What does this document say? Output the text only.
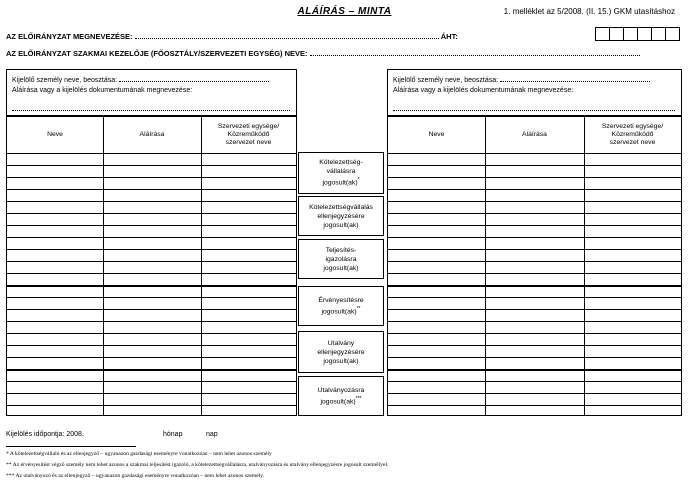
ALÁÍRÁS – MINTA	1. melléklet az 5/2008. (II. 15.) GKM utasításhoz
AZ ELŐIRÁNYZAT MEGNEVEZÉSE:	ÁHT:
AZ ELŐIRÁNYZAT SZAKMAI KEZELŐJE (FŐOSZTÁLY/SZERVEZETI EGYSÉG) NEVE:
Kijelölő személy neve, beosztása:
Aláírása vagy a kijelölés dokumentumának megnevezése:
Kijelölő személy neve, beosztása:
Aláírása vagy a kijelölés dokumentumának megnevezése:
Neve	Aláírása
Szervezeti egysége/
Közreműködő
szervezet neve
Neve	Aláírása
Szervezeti egysége/
Közreműködő
szervezet neve
Kötelezettség-
vállalásra
jogosult(ak)*
Kötelezettségvállalás
ellenjegyzésére
jogosult(ak)
Teljesítés-
igazolásra
jogosult(ak)
Érvényesítésre
jogosult(ak)**
Utalvány
ellenjegyzésére
jogosult(ak)
Utalványozásra
jogosult(ak)***
Kijelölés időpontja: 2008.	hónap	nap
* A kötelezettségvállaló és az ellenjegyző – ugyanazon gazdasági eseményre vonatkozóan – nem lehet azonos személy
** Az érvényesítést végző személy nem lehet azonos a szakmai teljesítést igazoló, a kötelezettségvállalásra, utalványozásra és utalvány ellenjegyzésre jogosult személlyel.
*** Az utalványozó és az ellenjegyző – ugyanazon gazdasági eseményre vonatkozóan – nem lehet azonos személy.
